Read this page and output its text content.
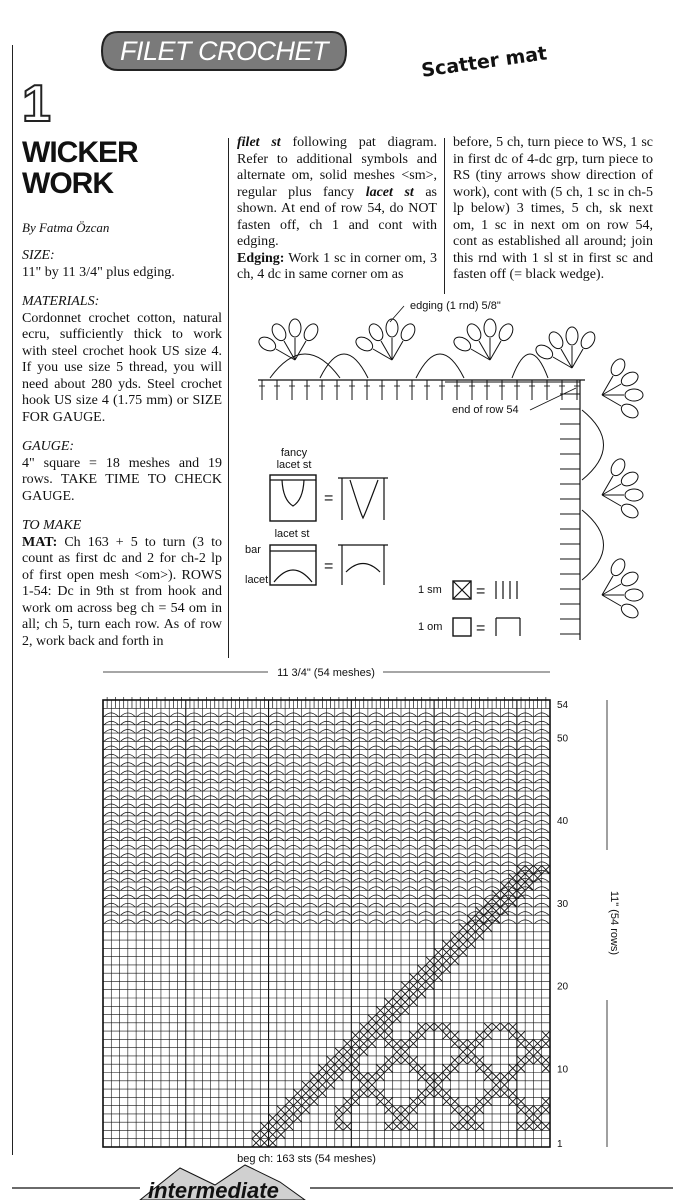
FILET CROCHET	Scatter mat
1
WICKER
WORK
By Fatma Özcan
SIZE:
11" by 11 3/4" plus edging.
MATERIALS:
Cordonnet crochet cotton, natural ecru, sufficiently thick to work with steel crochet hook US size 4. If you use size 5 thread, you will need about 280 yds. Steel crochet hook US size 4 (1.75 mm) or SIZE FOR GAUGE.
GAUGE:
4" square = 18 meshes and 19 rows. TAKE TIME TO CHECK GAUGE.
TO MAKE
MAT: Ch 163 + 5 to turn (3 to count as first dc and 2 for ch-2 lp of first open mesh <om>). ROWS 1-54: Dc in 9th st from hook and work om across beg ch = 54 om in all; ch 5, turn each row. As of row 2, work back and forth in
filet st following pat diagram. Refer to additional symbols and alternate om, solid meshes <sm>, regular plus fancy lacet st as shown. At end of row 54, do NOT fasten off, ch 1 and cont with edging.
Edging: Work 1 sc in corner om, 3 ch, 4 dc in same corner om as
edging (1 rnd) 5/8"
end of row 54
fancy
lacet st
=
lacet st
bar
lacet
=
1 sm =
1 om =
11 3/4" (54 meshes)
11" (54 rows)
54
50
40
30
20
10
1
beg ch: 163 sts (54 meshes)
intermediate
before, 5 ch, turn piece to WS, 1 sc in first dc of 4-dc grp, turn piece to RS (tiny arrows show direction of work), cont with (5 ch, 1 sc in ch-5 lp below) 3 times, 5 ch, sk next om, 1 sc in next om on row 54, cont as established all around; join this rnd with 1 sl st in first sc and fasten off (= black wedge).
